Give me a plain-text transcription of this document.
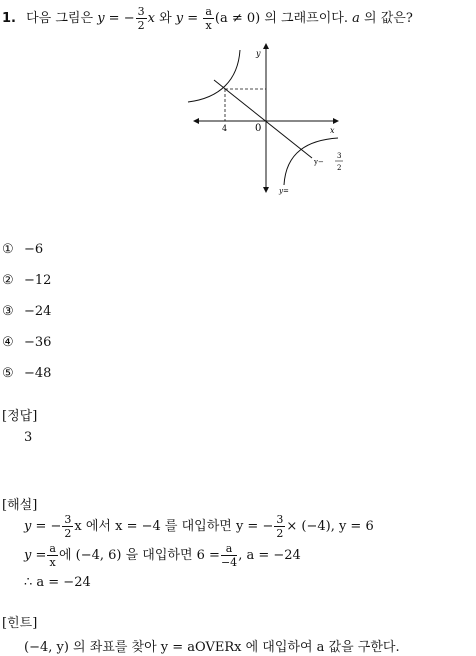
1. 다음 그림은 y = − $\frac{3}{2}$ x 와 $y = \frac{a}{x} (a \ne 0)$ 의 그래프이다. a 의 값은?
y
x
0
4
y−
3
2
y=
① −6
② −12
③ −24
④ −36
⑤ −48
[정답]
3
[해설]
y = − $\frac{3}{2}$ x 에서 x = −4 를 대입하면 y = − $\frac{3}{2} \times (-4)$, y = 6
$y = \frac{a}{x}$ 에 (−4, 6) 을 대입하면 $6 = \frac{a}{-4}$ , a = −24
∴ a = −24
[힌트]
(−4, y) 의 좌표를 찾아 y = aOVERx 에 대입하여 a 값을 구한다.
